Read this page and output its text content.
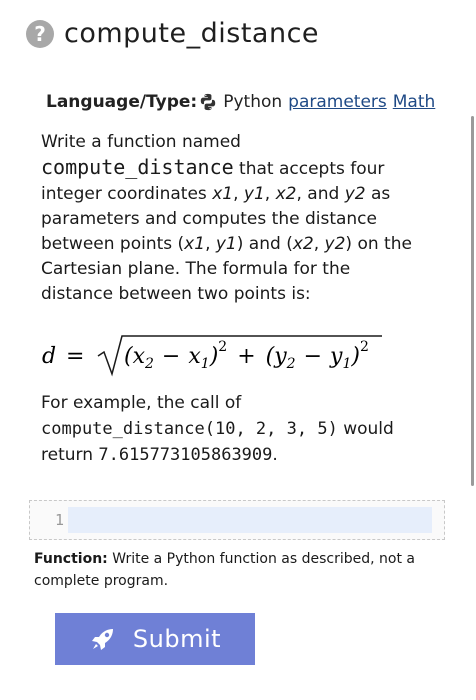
? compute_distance
Language/Type: Python parameters Math

Write a function named compute_distance that accepts four integer coordinates x1, y1, x2, and y2 as parameters and computes the distance between points (x1, y1) and (x2, y2) on the Cartesian plane. The formula for the distance between two points is:

$d = (x_2 - x_1)^2 + (y_2 - y_1)^2$

For example, the call of
compute_distance(10, 2, 3, 5) would return 7.615773105863909.

1
Function: Write a Python function as described, not a complete program.
Submit
